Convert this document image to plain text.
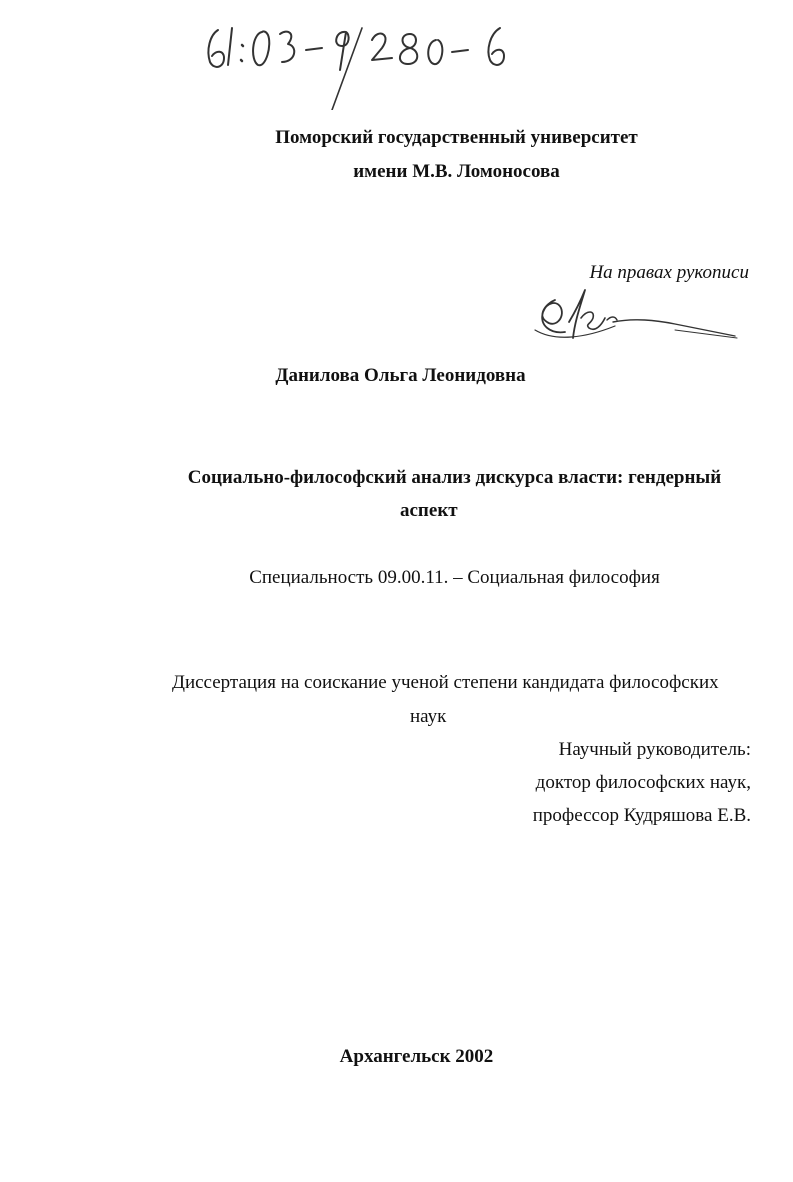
Поморский государственный университет
имени М.В. Ломоносова
На правах рукописи
Данилова Ольга Леонидовна
Социально-философский анализ дискурса власти: гендерный
аспект
Специальность 09.00.11. – Социальная философия
Диссертация на соискание ученой степени кандидата философских
наук
Научный руководитель:
доктор философских наук,
профессор Кудряшова Е.В.
Архангельск 2002
